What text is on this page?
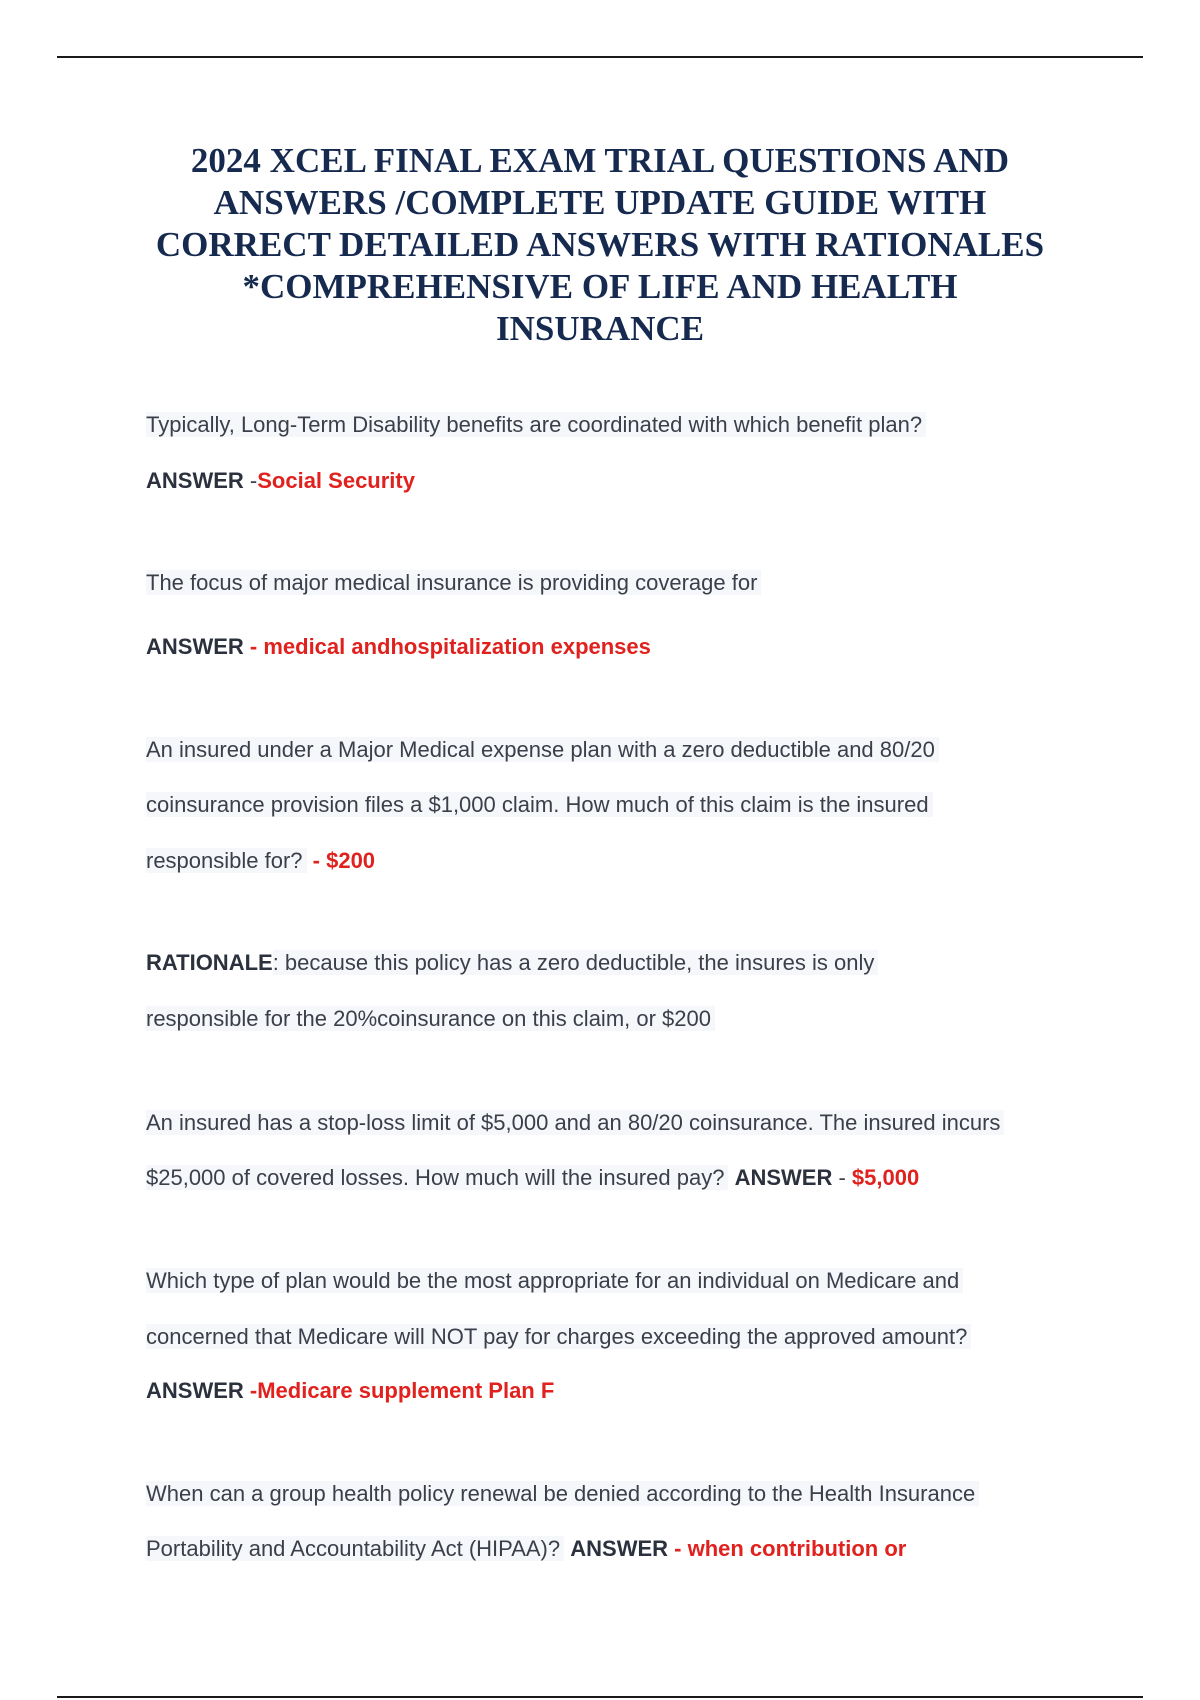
2024 XCEL FINAL EXAM TRIAL QUESTIONS AND
ANSWERS /COMPLETE UPDATE GUIDE WITH
CORRECT DETAILED ANSWERS WITH RATIONALES
*COMPREHENSIVE OF LIFE AND HEALTH
INSURANCE
Typically, Long-Term Disability benefits are coordinated with which benefit plan?
ANSWER -Social Security
The focus of major medical insurance is providing coverage for
ANSWER - medical andhospitalization expenses
An insured under a Major Medical expense plan with a zero deductible and 80/20
coinsurance provision files a $1,000 claim. How much of this claim is the insured
responsible for? - $200
RATIONALE: because this policy has a zero deductible, the insures is only
responsible for the 20%coinsurance on this claim, or $200
An insured has a stop-loss limit of $5,000 and an 80/20 coinsurance. The insured incurs
$25,000 of covered losses. How much will the insured pay? ANSWER - $5,000
Which type of plan would be the most appropriate for an individual on Medicare and
concerned that Medicare will NOT pay for charges exceeding the approved amount?
ANSWER -Medicare supplement Plan F
When can a group health policy renewal be denied according to the Health Insurance
Portability and Accountability Act (HIPAA)? ANSWER - when contribution or
